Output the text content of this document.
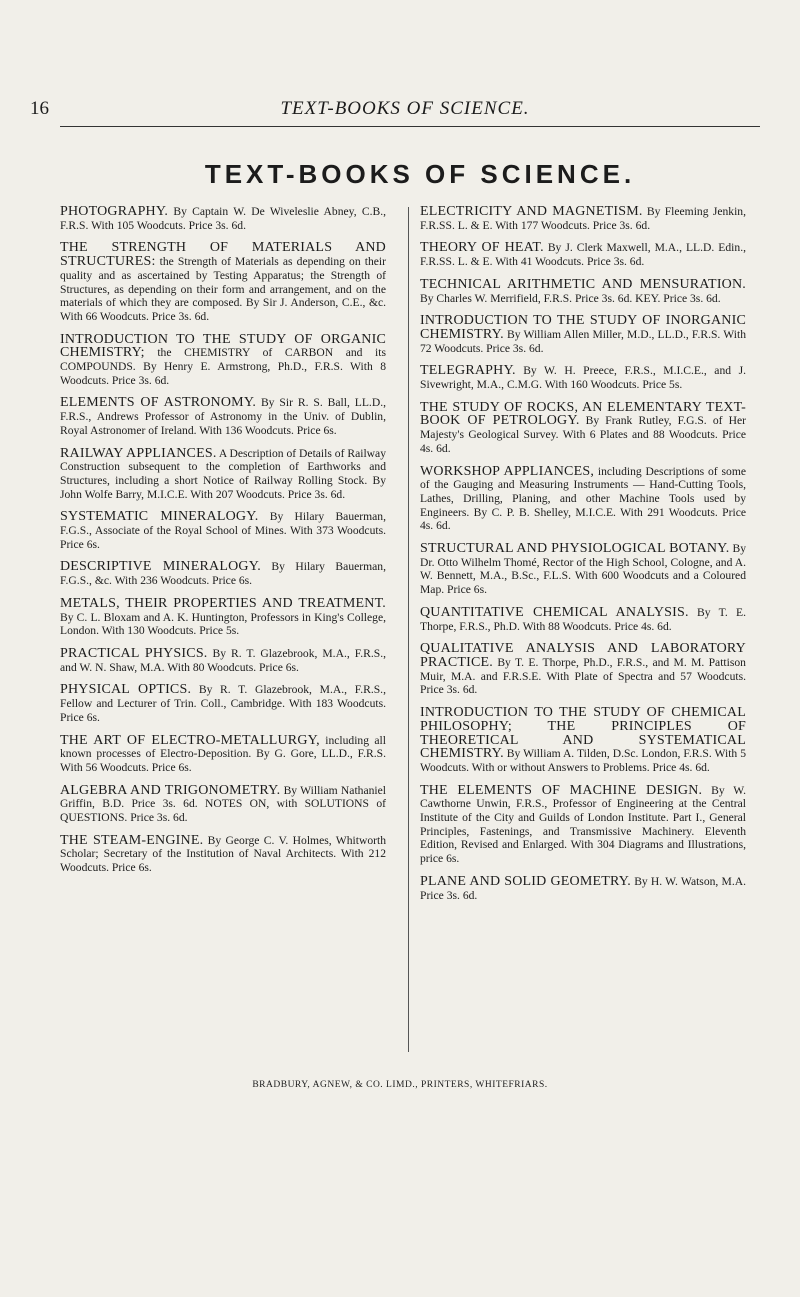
16	TEXT-BOOKS OF SCIENCE.
TEXT-BOOKS OF SCIENCE.
PHOTOGRAPHY. By Captain W. De Wiveleslie Abney, C.B., F.R.S. With 105 Woodcuts. Price 3s. 6d.
THE STRENGTH OF MATERIALS AND STRUCTURES: the Strength of Materials as depending on their quality and as ascertained by Testing Apparatus; the Strength of Structures, as depending on their form and arrangement, and on the materials of which they are composed. By Sir J. Anderson, C.E., &c. With 66 Woodcuts. Price 3s. 6d.
INTRODUCTION TO THE STUDY OF ORGANIC CHEMISTRY; the CHEMISTRY of CARBON and its COMPOUNDS. By Henry E. Armstrong, Ph.D., F.R.S. With 8 Woodcuts. Price 3s. 6d.
ELEMENTS OF ASTRONOMY. By Sir R. S. Ball, LL.D., F.R.S., Andrews Professor of Astronomy in the Univ. of Dublin, Royal Astronomer of Ireland. With 136 Woodcuts. Price 6s.
RAILWAY APPLIANCES. A Description of Details of Railway Construction subsequent to the completion of Earthworks and Structures, including a short Notice of Railway Rolling Stock. By John Wolfe Barry, M.I.C.E. With 207 Woodcuts. Price 3s. 6d.
SYSTEMATIC MINERALOGY. By Hilary Bauerman, F.G.S., Associate of the Royal School of Mines. With 373 Woodcuts. Price 6s.
DESCRIPTIVE MINERALOGY. By Hilary Bauerman, F.G.S., &c. With 236 Woodcuts. Price 6s.
METALS, THEIR PROPERTIES AND TREATMENT. By C. L. Bloxam and A. K. Huntington, Professors in King's College, London. With 130 Woodcuts. Price 5s.
PRACTICAL PHYSICS. By R. T. Glazebrook, M.A., F.R.S., and W. N. Shaw, M.A. With 80 Woodcuts. Price 6s.
PHYSICAL OPTICS. By R. T. Glazebrook, M.A., F.R.S., Fellow and Lecturer of Trin. Coll., Cambridge. With 183 Woodcuts. Price 6s.
THE ART OF ELECTRO-METALLURGY, including all known processes of Electro-Deposition. By G. Gore, LL.D., F.R.S. With 56 Woodcuts. Price 6s.
ALGEBRA AND TRIGONOMETRY. By William Nathaniel Griffin, B.D. Price 3s. 6d. NOTES ON, with SOLUTIONS of QUESTIONS. Price 3s. 6d.
THE STEAM-ENGINE. By George C. V. Holmes, Whitworth Scholar; Secretary of the Institution of Naval Architects. With 212 Woodcuts. Price 6s.
ELECTRICITY AND MAGNETISM. By Fleeming Jenkin, F.R.SS. L. & E. With 177 Woodcuts. Price 3s. 6d.
THEORY OF HEAT. By J. Clerk Maxwell, M.A., LL.D. Edin., F.R.SS. L. & E. With 41 Woodcuts. Price 3s. 6d.
TECHNICAL ARITHMETIC AND MENSURATION. By Charles W. Merrifield, F.R.S. Price 3s. 6d. KEY. Price 3s. 6d.
INTRODUCTION TO THE STUDY OF INORGANIC CHEMISTRY. By William Allen Miller, M.D., LL.D., F.R.S. With 72 Woodcuts. Price 3s. 6d.
TELEGRAPHY. By W. H. Preece, F.R.S., M.I.C.E., and J. Sivewright, M.A., C.M.G. With 160 Woodcuts. Price 5s.
THE STUDY OF ROCKS, AN ELEMENTARY TEXT-BOOK OF PETROLOGY. By Frank Rutley, F.G.S. of Her Majesty's Geological Survey. With 6 Plates and 88 Woodcuts. Price 4s. 6d.
WORKSHOP APPLIANCES, including Descriptions of some of the Gauging and Measuring Instruments — Hand-Cutting Tools, Lathes, Drilling, Planing, and other Machine Tools used by Engineers. By C. P. B. Shelley, M.I.C.E. With 291 Woodcuts. Price 4s. 6d.
STRUCTURAL AND PHYSIOLOGICAL BOTANY. By Dr. Otto Wilhelm Thomé, Rector of the High School, Cologne, and A. W. Bennett, M.A., B.Sc., F.L.S. With 600 Woodcuts and a Coloured Map. Price 6s.
QUANTITATIVE CHEMICAL ANALYSIS. By T. E. Thorpe, F.R.S., Ph.D. With 88 Woodcuts. Price 4s. 6d.
QUALITATIVE ANALYSIS AND LABORATORY PRACTICE. By T. E. Thorpe, Ph.D., F.R.S., and M. M. Pattison Muir, M.A. and F.R.S.E. With Plate of Spectra and 57 Woodcuts. Price 3s. 6d.
INTRODUCTION TO THE STUDY OF CHEMICAL PHILOSOPHY; THE PRINCIPLES OF THEORETICAL AND SYSTEMATICAL CHEMISTRY. By William A. Tilden, D.Sc. London, F.R.S. With 5 Woodcuts. With or without Answers to Problems. Price 4s. 6d.
THE ELEMENTS OF MACHINE DESIGN. By W. Cawthorne Unwin, F.R.S., Professor of Engineering at the Central Institute of the City and Guilds of London Institute. Part I., General Principles, Fastenings, and Transmissive Machinery. Eleventh Edition, Revised and Enlarged. With 304 Diagrams and Illustrations, price 6s.
PLANE AND SOLID GEOMETRY. By H. W. Watson, M.A. Price 3s. 6d.
BRADBURY, AGNEW, & CO. LIMD., PRINTERS, WHITEFRIARS.
